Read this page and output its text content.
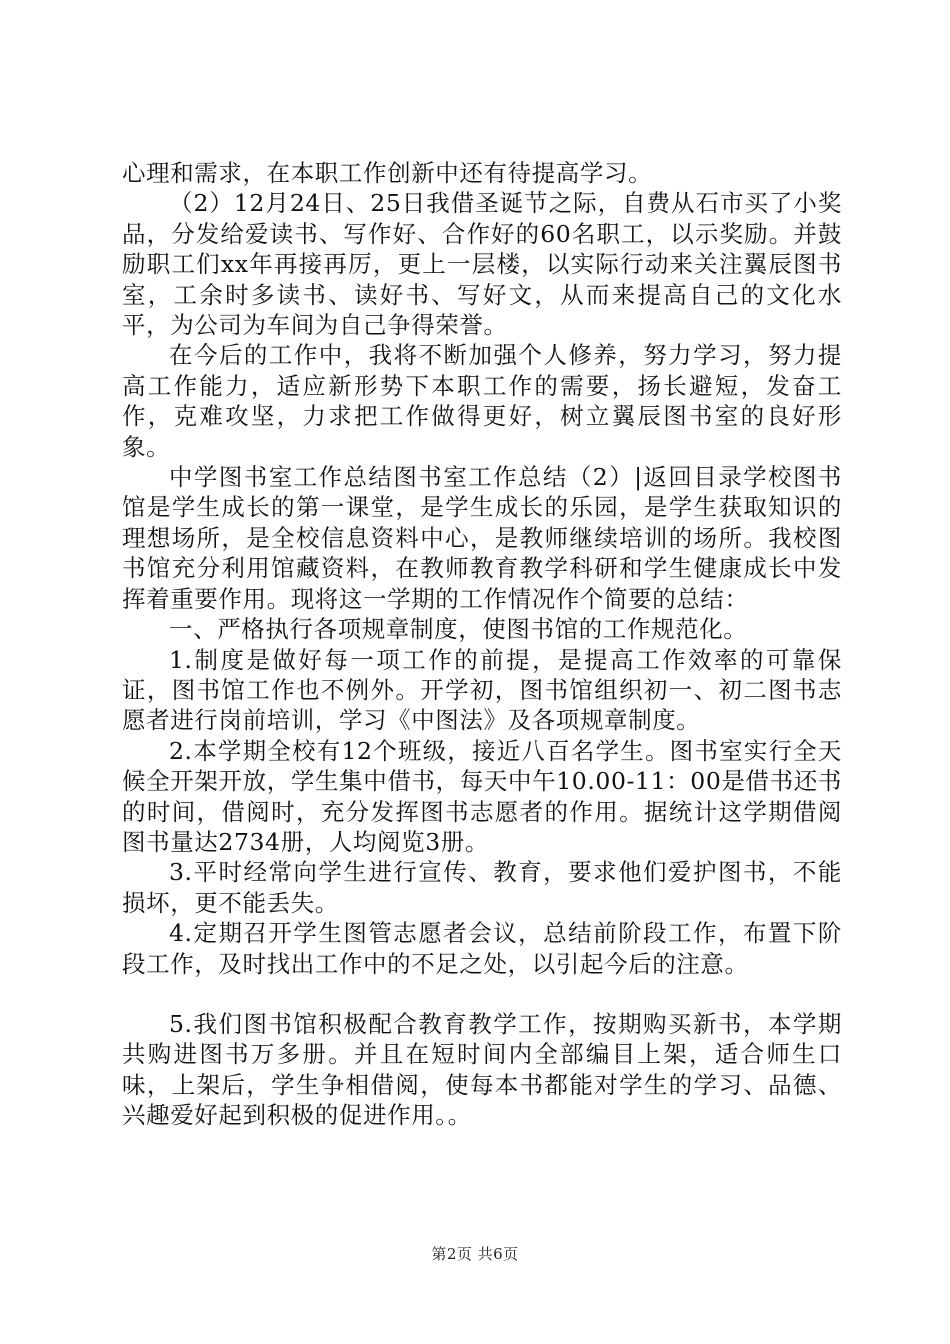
心理和需求，在本职工作创新中还有待提高学习。

（2）12月24日、25日我借圣诞节之际，自费从石市买了小奖品，分发给爱读书、写作好、合作好的60名职工，以示奖励。并鼓励职工们xx年再接再厉，更上一层楼，以实际行动来关注翼辰图书室，工余时多读书、读好书、写好文，从而来提高自己的文化水平，为公司为车间为自己争得荣誉。

在今后的工作中，我将不断加强个人修养，努力学习，努力提高工作能力，适应新形势下本职工作的需要，扬长避短，发奋工作，克难攻坚，力求把工作做得更好，树立翼辰图书室的良好形象。

中学图书室工作总结图书室工作总结（2）|返回目录学校图书馆是学生成长的第一课堂，是学生成长的乐园，是学生获取知识的理想场所，是全校信息资料中心，是教师继续培训的场所。我校图书馆充分利用馆藏资料，在教师教育教学科研和学生健康成长中发挥着重要作用。现将这一学期的工作情况作个简要的总结：

一、严格执行各项规章制度，使图书馆的工作规范化。

1.制度是做好每一项工作的前提，是提高工作效率的可靠保证，图书馆工作也不例外。开学初，图书馆组织初一、初二图书志愿者进行岗前培训，学习《中图法》及各项规章制度。

2.本学期全校有12个班级，接近八百名学生。图书室实行全天候全开架开放，学生集中借书，每天中午10.00-11：00是借书还书的时间，借阅时，充分发挥图书志愿者的作用。据统计这学期借阅图书量达2734册，人均阅览3册。

3.平时经常向学生进行宣传、教育，要求他们爱护图书，不能损坏，更不能丢失。

4.定期召开学生图管志愿者会议，总结前阶段工作，布置下阶段工作，及时找出工作中的不足之处，以引起今后的注意。

5.我们图书馆积极配合教育教学工作，按期购买新书，本学期共购进图书万多册。并且在短时间内全部编目上架，适合师生口味，上架后，学生争相借阅，使每本书都能对学生的学习、品德、兴趣爱好起到积极的促进作用。。

第2页 共6页
